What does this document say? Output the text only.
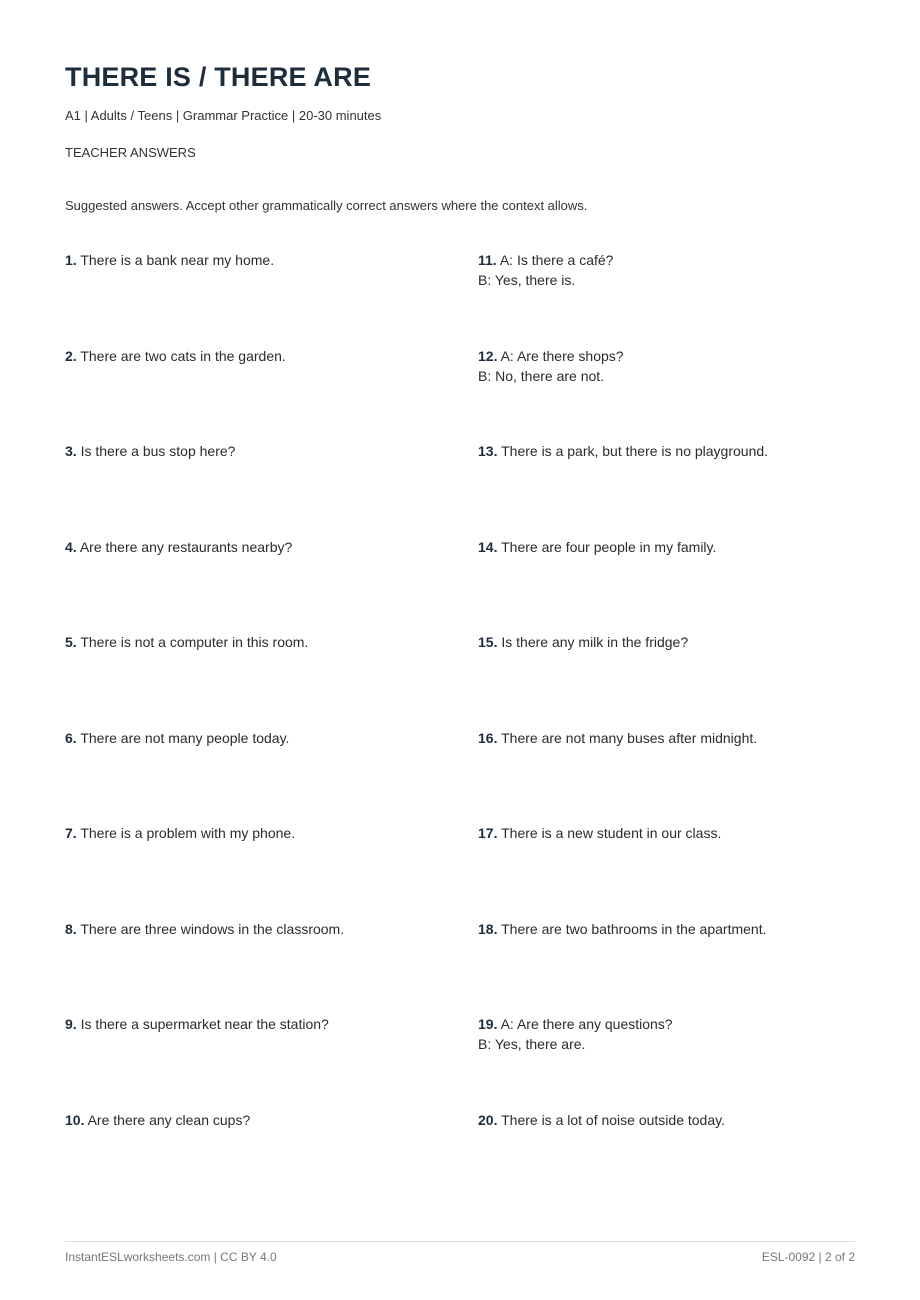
THERE IS / THERE ARE
A1 | Adults / Teens | Grammar Practice | 20-30 minutes
TEACHER ANSWERS
Suggested answers. Accept other grammatically correct answers where the context allows.
1. There is a bank near my home.
2. There are two cats in the garden.
3. Is there a bus stop here?
4. Are there any restaurants nearby?
5. There is not a computer in this room.
6. There are not many people today.
7. There is a problem with my phone.
8. There are three windows in the classroom.
9. Is there a supermarket near the station?
10. Are there any clean cups?
11. A: Is there a café?
B: Yes, there is.
12. A: Are there shops?
B: No, there are not.
13. There is a park, but there is no playground.
14. There are four people in my family.
15. Is there any milk in the fridge?
16. There are not many buses after midnight.
17. There is a new student in our class.
18. There are two bathrooms in the apartment.
19. A: Are there any questions?
B: Yes, there are.
20. There is a lot of noise outside today.
InstantESLworksheets.com | CC BY 4.0	ESL-0092 | 2 of 2
